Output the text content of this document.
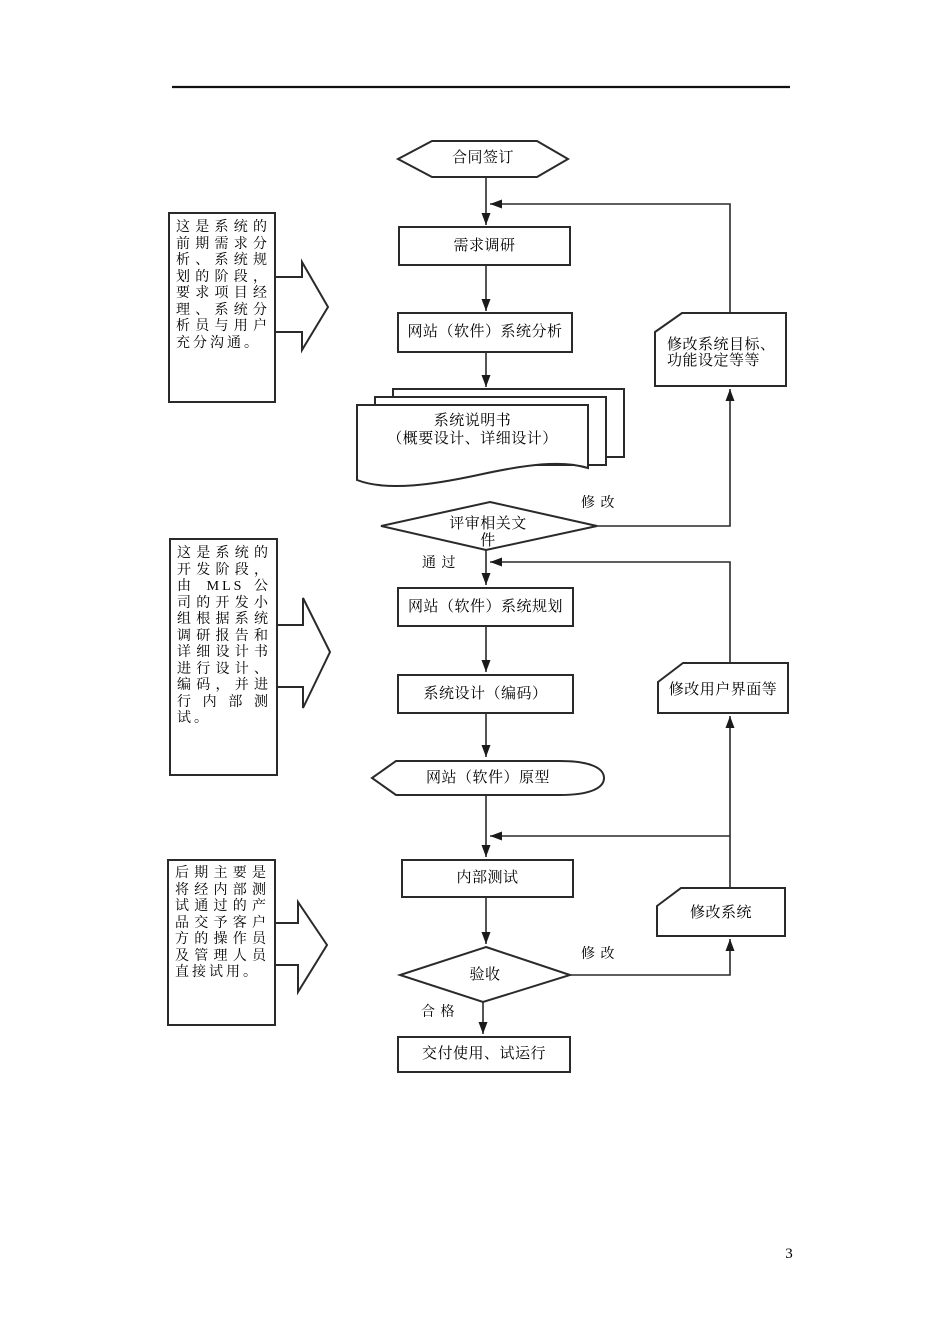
合同签订
需求调研
网站（软件）系统分析
系统说明书
（概要设计、详细设计）
评审相关文
件
网站（软件）系统规划
系统设计（编码）
网站（软件）原型
内部测试
验收
交付使用、试运行
修改系统目标、
功能设定等等
修改用户界面等
修改系统
修 改
通 过
修 改
合 格
这是系统的前期需求分析、系统规划的阶段，要求项目经理、系统分析员与用户充分沟通。
这是系统的开发阶段，由 MLS 公司的开发小组根据系统调研报告和详细设计书进行设计、编码，并进行内部测试。
后期主要是将经内部测试通过的产品交予客户方的操作员及管理人员直接试用。
3
